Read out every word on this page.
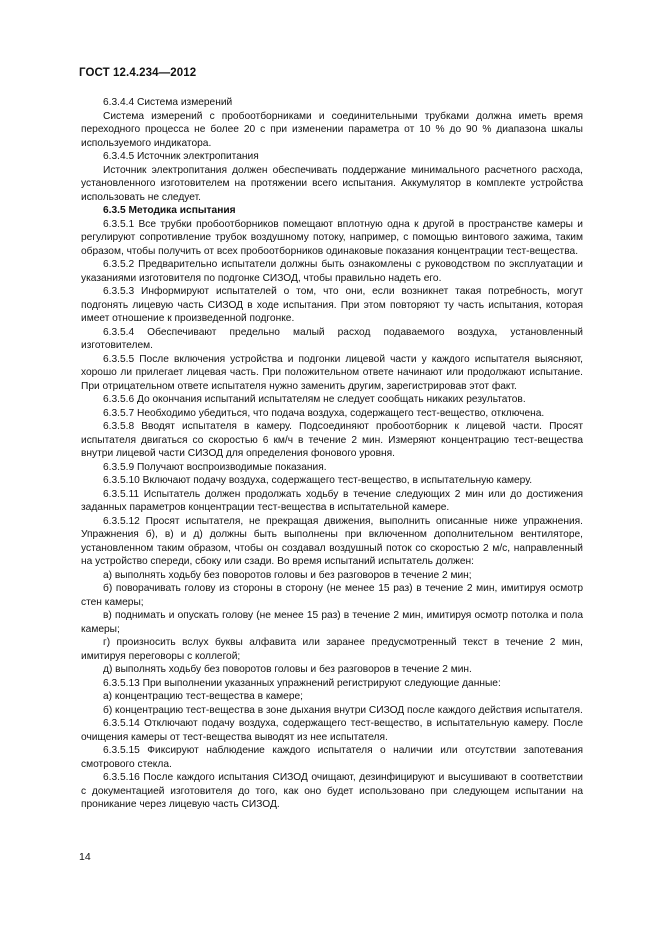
ГОСТ 12.4.234—2012

6.3.4.4 Система измерений

Система измерений с пробоотборниками и соединительными трубками должна иметь время переходного процесса не более 20 с при изменении параметра от 10 % до 90 % диапазона шкалы используемого индикатора.

6.3.4.5 Источник электропитания

Источник электропитания должен обеспечивать поддержание минимального расчетного расхода, установленного изготовителем на протяжении всего испытания. Аккумулятор в комплекте устройства использовать не следует.

6.3.5 Методика испытания

6.3.5.1 Все трубки пробоотборников помещают вплотную одна к другой в пространстве камеры и регулируют сопротивление трубок воздушному потоку, например, с помощью винтового зажима, таким образом, чтобы получить от всех пробоотборников одинаковые показания концентрации тест-вещества.

6.3.5.2 Предварительно испытатели должны быть ознакомлены с руководством по эксплуатации и указаниями изготовителя по подгонке СИЗОД, чтобы правильно надеть его.

6.3.5.3 Информируют испытателей о том, что они, если возникнет такая потребность, могут подгонять лицевую часть СИЗОД в ходе испытания. При этом повторяют ту часть испытания, которая имеет отношение к произведенной подгонке.

6.3.5.4 Обеспечивают предельно малый расход подаваемого воздуха, установленный изготовителем.

6.3.5.5 После включения устройства и подгонки лицевой части у каждого испытателя выясняют, хорошо ли прилегает лицевая часть. При положительном ответе начинают или продолжают испытание. При отрицательном ответе испытателя нужно заменить другим, зарегистрировав этот факт.

6.3.5.6 До окончания испытаний испытателям не следует сообщать никаких результатов.

6.3.5.7 Необходимо убедиться, что подача воздуха, содержащего тест-вещество, отключена.

6.3.5.8 Вводят испытателя в камеру. Подсоединяют пробоотборник к лицевой части. Просят испытателя двигаться со скоростью 6 км/ч в течение 2 мин. Измеряют концентрацию тест-вещества внутри лицевой части СИЗОД для определения фонового уровня.

6.3.5.9 Получают воспроизводимые показания.

6.3.5.10 Включают подачу воздуха, содержащего тест-вещество, в испытательную камеру.

6.3.5.11 Испытатель должен продолжать ходьбу в течение следующих 2 мин или до достижения заданных параметров концентрации тест-вещества в испытательной камере.

6.3.5.12 Просят испытателя, не прекращая движения, выполнить описанные ниже упражнения. Упражнения б), в) и д) должны быть выполнены при включенном дополнительном вентиляторе, установленном таким образом, чтобы он создавал воздушный поток со скоростью 2 м/с, направленный на устройство спереди, сбоку или сзади. Во время испытаний испытатель должен:

а) выполнять ходьбу без поворотов головы и без разговоров в течение 2 мин;

б) поворачивать голову из стороны в сторону (не менее 15 раз) в течение 2 мин, имитируя осмотр стен камеры;

в) поднимать и опускать голову (не менее 15 раз) в течение 2 мин, имитируя осмотр потолка и пола камеры;

г) произносить вслух буквы алфавита или заранее предусмотренный текст в течение 2 мин, имитируя переговоры с коллегой;

д) выполнять ходьбу без поворотов головы и без разговоров в течение 2 мин.

6.3.5.13 При выполнении указанных упражнений регистрируют следующие данные:

а) концентрацию тест-вещества в камере;

б) концентрацию тест-вещества в зоне дыхания внутри СИЗОД после каждого действия испытателя.

6.3.5.14 Отключают подачу воздуха, содержащего тест-вещество, в испытательную камеру. После очищения камеры от тест-вещества выводят из нее испытателя.

6.3.5.15 Фиксируют наблюдение каждого испытателя о наличии или отсутствии запотевания смотрового стекла.

6.3.5.16 После каждого испытания СИЗОД очищают, дезинфицируют и высушивают в соответствии с документацией изготовителя до того, как оно будет использовано при следующем испытании на проникание через лицевую часть СИЗОД.

14
